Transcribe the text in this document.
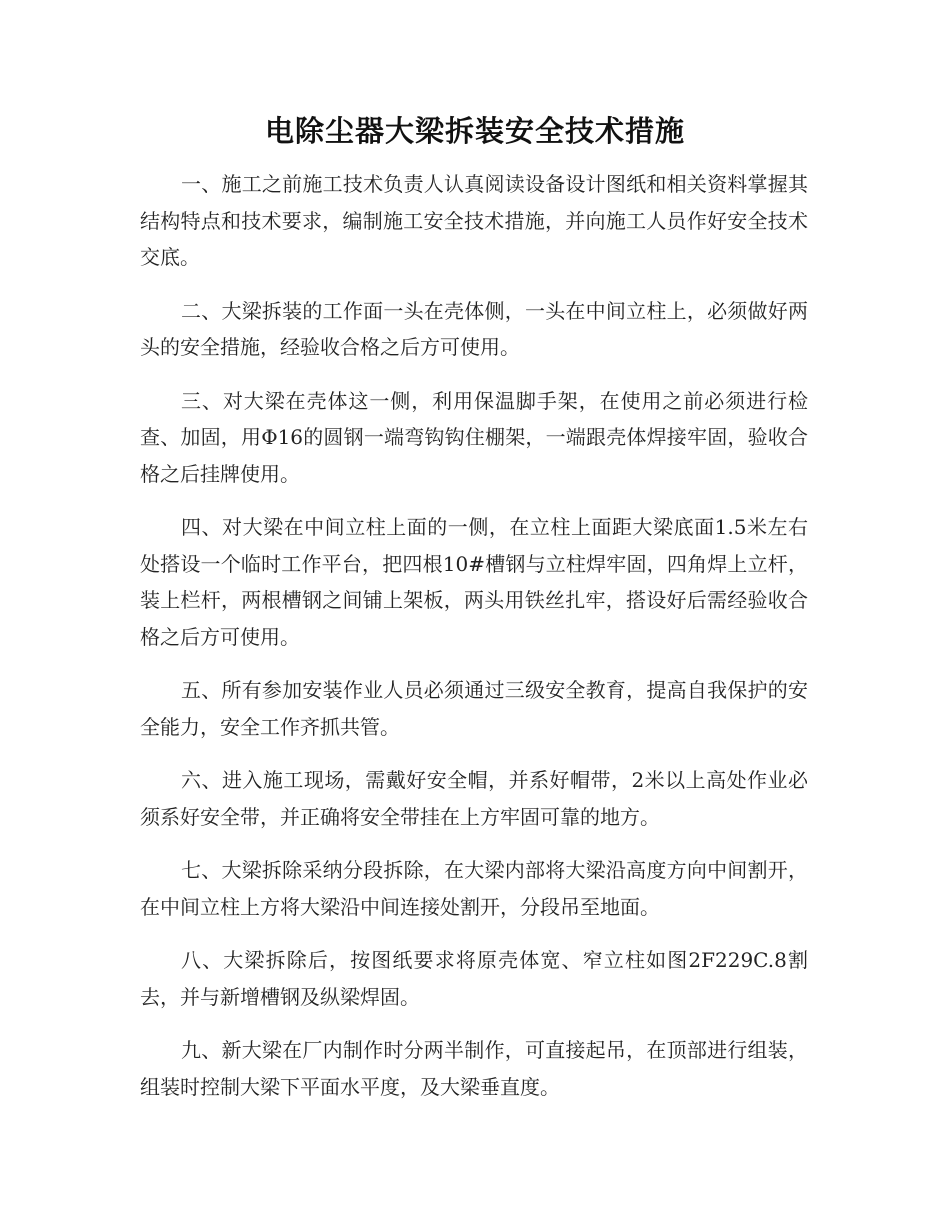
电除尘器大梁拆装安全技术措施

一、施工之前施工技术负责人认真阅读设备设计图纸和相关资料掌握其结构特点和技术要求，编制施工安全技术措施，并向施工人员作好安全技术交底。

二、大梁拆装的工作面一头在壳体侧，一头在中间立柱上，必须做好两头的安全措施，经验收合格之后方可使用。

三、对大梁在壳体这一侧，利用保温脚手架，在使用之前必须进行检查、加固，用Φ16的圆钢一端弯钩钩住棚架，一端跟壳体焊接牢固，验收合格之后挂牌使用。

四、对大梁在中间立柱上面的一侧，在立柱上面距大梁底面1.5米左右处搭设一个临时工作平台，把四根10#槽钢与立柱焊牢固，四角焊上立杆，装上栏杆，两根槽钢之间铺上架板，两头用铁丝扎牢，搭设好后需经验收合格之后方可使用。

五、所有参加安装作业人员必须通过三级安全教育，提高自我保护的安全能力，安全工作齐抓共管。

六、进入施工现场，需戴好安全帽，并系好帽带，2米以上高处作业必须系好安全带，并正确将安全带挂在上方牢固可靠的地方。

七、大梁拆除采纳分段拆除，在大梁内部将大梁沿高度方向中间割开，在中间立柱上方将大梁沿中间连接处割开，分段吊至地面。

八、大梁拆除后，按图纸要求将原壳体宽、窄立柱如图2F229C.8割去，并与新增槽钢及纵梁焊固。

九、新大梁在厂内制作时分两半制作，可直接起吊，在顶部进行组装，组装时控制大梁下平面水平度，及大梁垂直度。
